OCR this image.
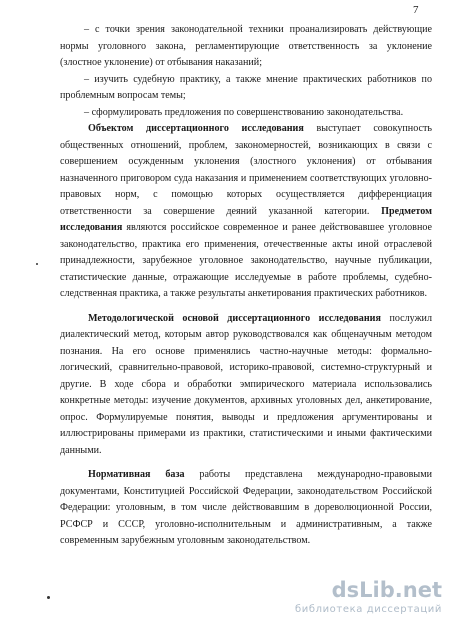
7

– с точки зрения законодательной техники проанализировать действующие нормы уголовного закона, регламентирующие ответственность за уклонение (злостное уклонение) от отбывания наказаний;

– изучить судебную практику, а также мнение практических работников по проблемным вопросам темы;

– сформулировать предложения по совершенствованию законодательства.

Объектом диссертационного исследования выступает совокупность общественных отношений, проблем, закономерностей, возникающих в связи с совершением осужденным уклонения (злостного уклонения) от отбывания назначенного приговором суда наказания и применением соответствующих уголовно-правовых норм, с помощью которых осуществляется дифференциация ответственности за совершение деяний указанной категории. Предметом исследования являются российское современное и ранее действовавшее уголовное законодательство, практика его применения, отечественные акты иной отраслевой принадлежности, зарубежное уголовное законодательство, научные публикации, статистические данные, отражающие исследуемые в работе проблемы, судебно-следственная практика, а также результаты анкетирования практических работников.

Методологической основой диссертационного исследования послужил диалектический метод, которым автор руководствовался как общенаучным методом познания. На его основе применялись частно-научные методы: формально-логический, сравнительно-правовой, историко-правовой, системно-структурный и другие. В ходе сбора и обработки эмпирического материала использовались конкретные методы: изучение документов, архивных уголовных дел, анкетирование, опрос. Формулируемые понятия, выводы и предложения аргументированы и иллюстрированы примерами из практики, статистическими и иными фактическими данными.

Нормативная база работы представлена международно-правовыми документами, Конституцией Российской Федерации, законодательством Российской Федерации: уголовным, в том числе действовавшим в дореволюционной России, РСФСР и СССР, уголовно-исполнительным и административным, а также современным зарубежным уголовным законодательством.

dsLib.net
библиотека диссертаций
